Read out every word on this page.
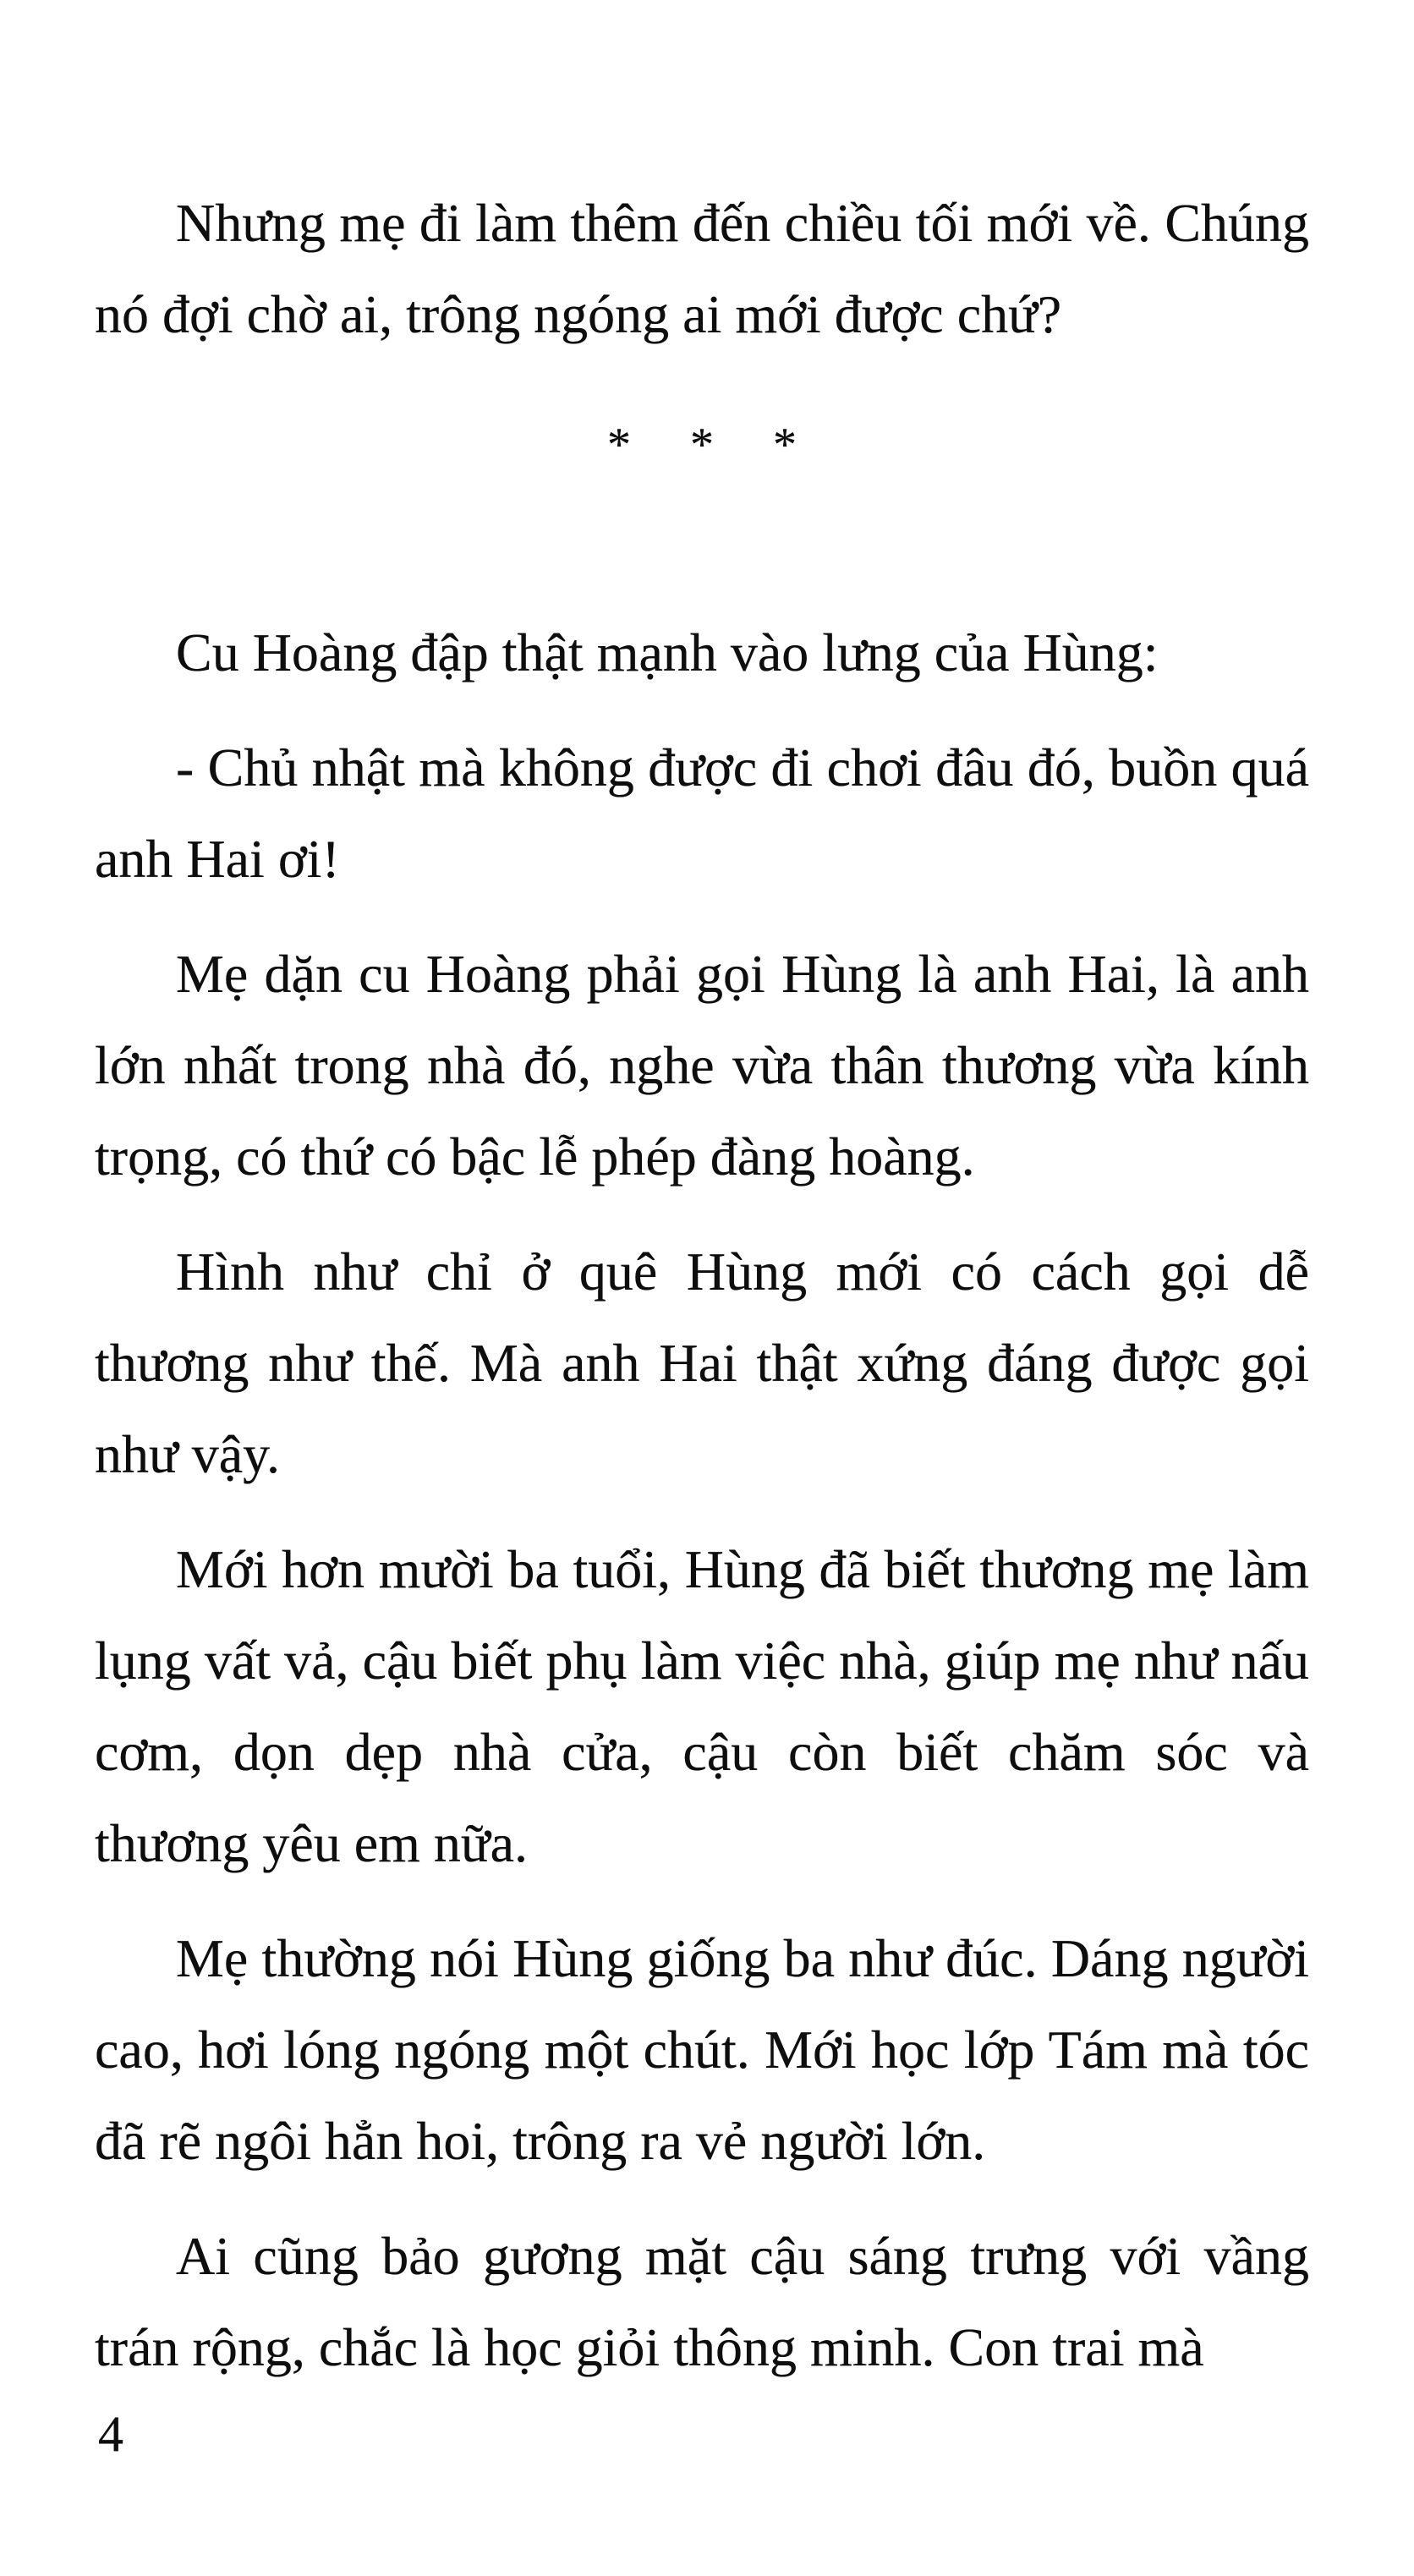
Nhưng mẹ đi làm thêm đến chiều tối mới về. Chúng nó đợi chờ ai, trông ngóng ai mới được chứ?

* * *

Cu Hoàng đập thật mạnh vào lưng của Hùng:

- Chủ nhật mà không được đi chơi đâu đó, buồn quá anh Hai ơi!

Mẹ dặn cu Hoàng phải gọi Hùng là anh Hai, là anh lớn nhất trong nhà đó, nghe vừa thân thương vừa kính trọng, có thứ có bậc lễ phép đàng hoàng.

Hình như chỉ ở quê Hùng mới có cách gọi dễ thương như thế. Mà anh Hai thật xứng đáng được gọi như vậy.

Mới hơn mười ba tuổi, Hùng đã biết thương mẹ làm lụng vất vả, cậu biết phụ làm việc nhà, giúp mẹ như nấu cơm, dọn dẹp nhà cửa, cậu còn biết chăm sóc và thương yêu em nữa.

Mẹ thường nói Hùng giống ba như đúc. Dáng người cao, hơi lóng ngóng một chút. Mới học lớp Tám mà tóc đã rẽ ngôi hẳn hoi, trông ra vẻ người lớn.

Ai cũng bảo gương mặt cậu sáng trưng với vầng trán rộng, chắc là học giỏi thông minh. Con trai mà

4
